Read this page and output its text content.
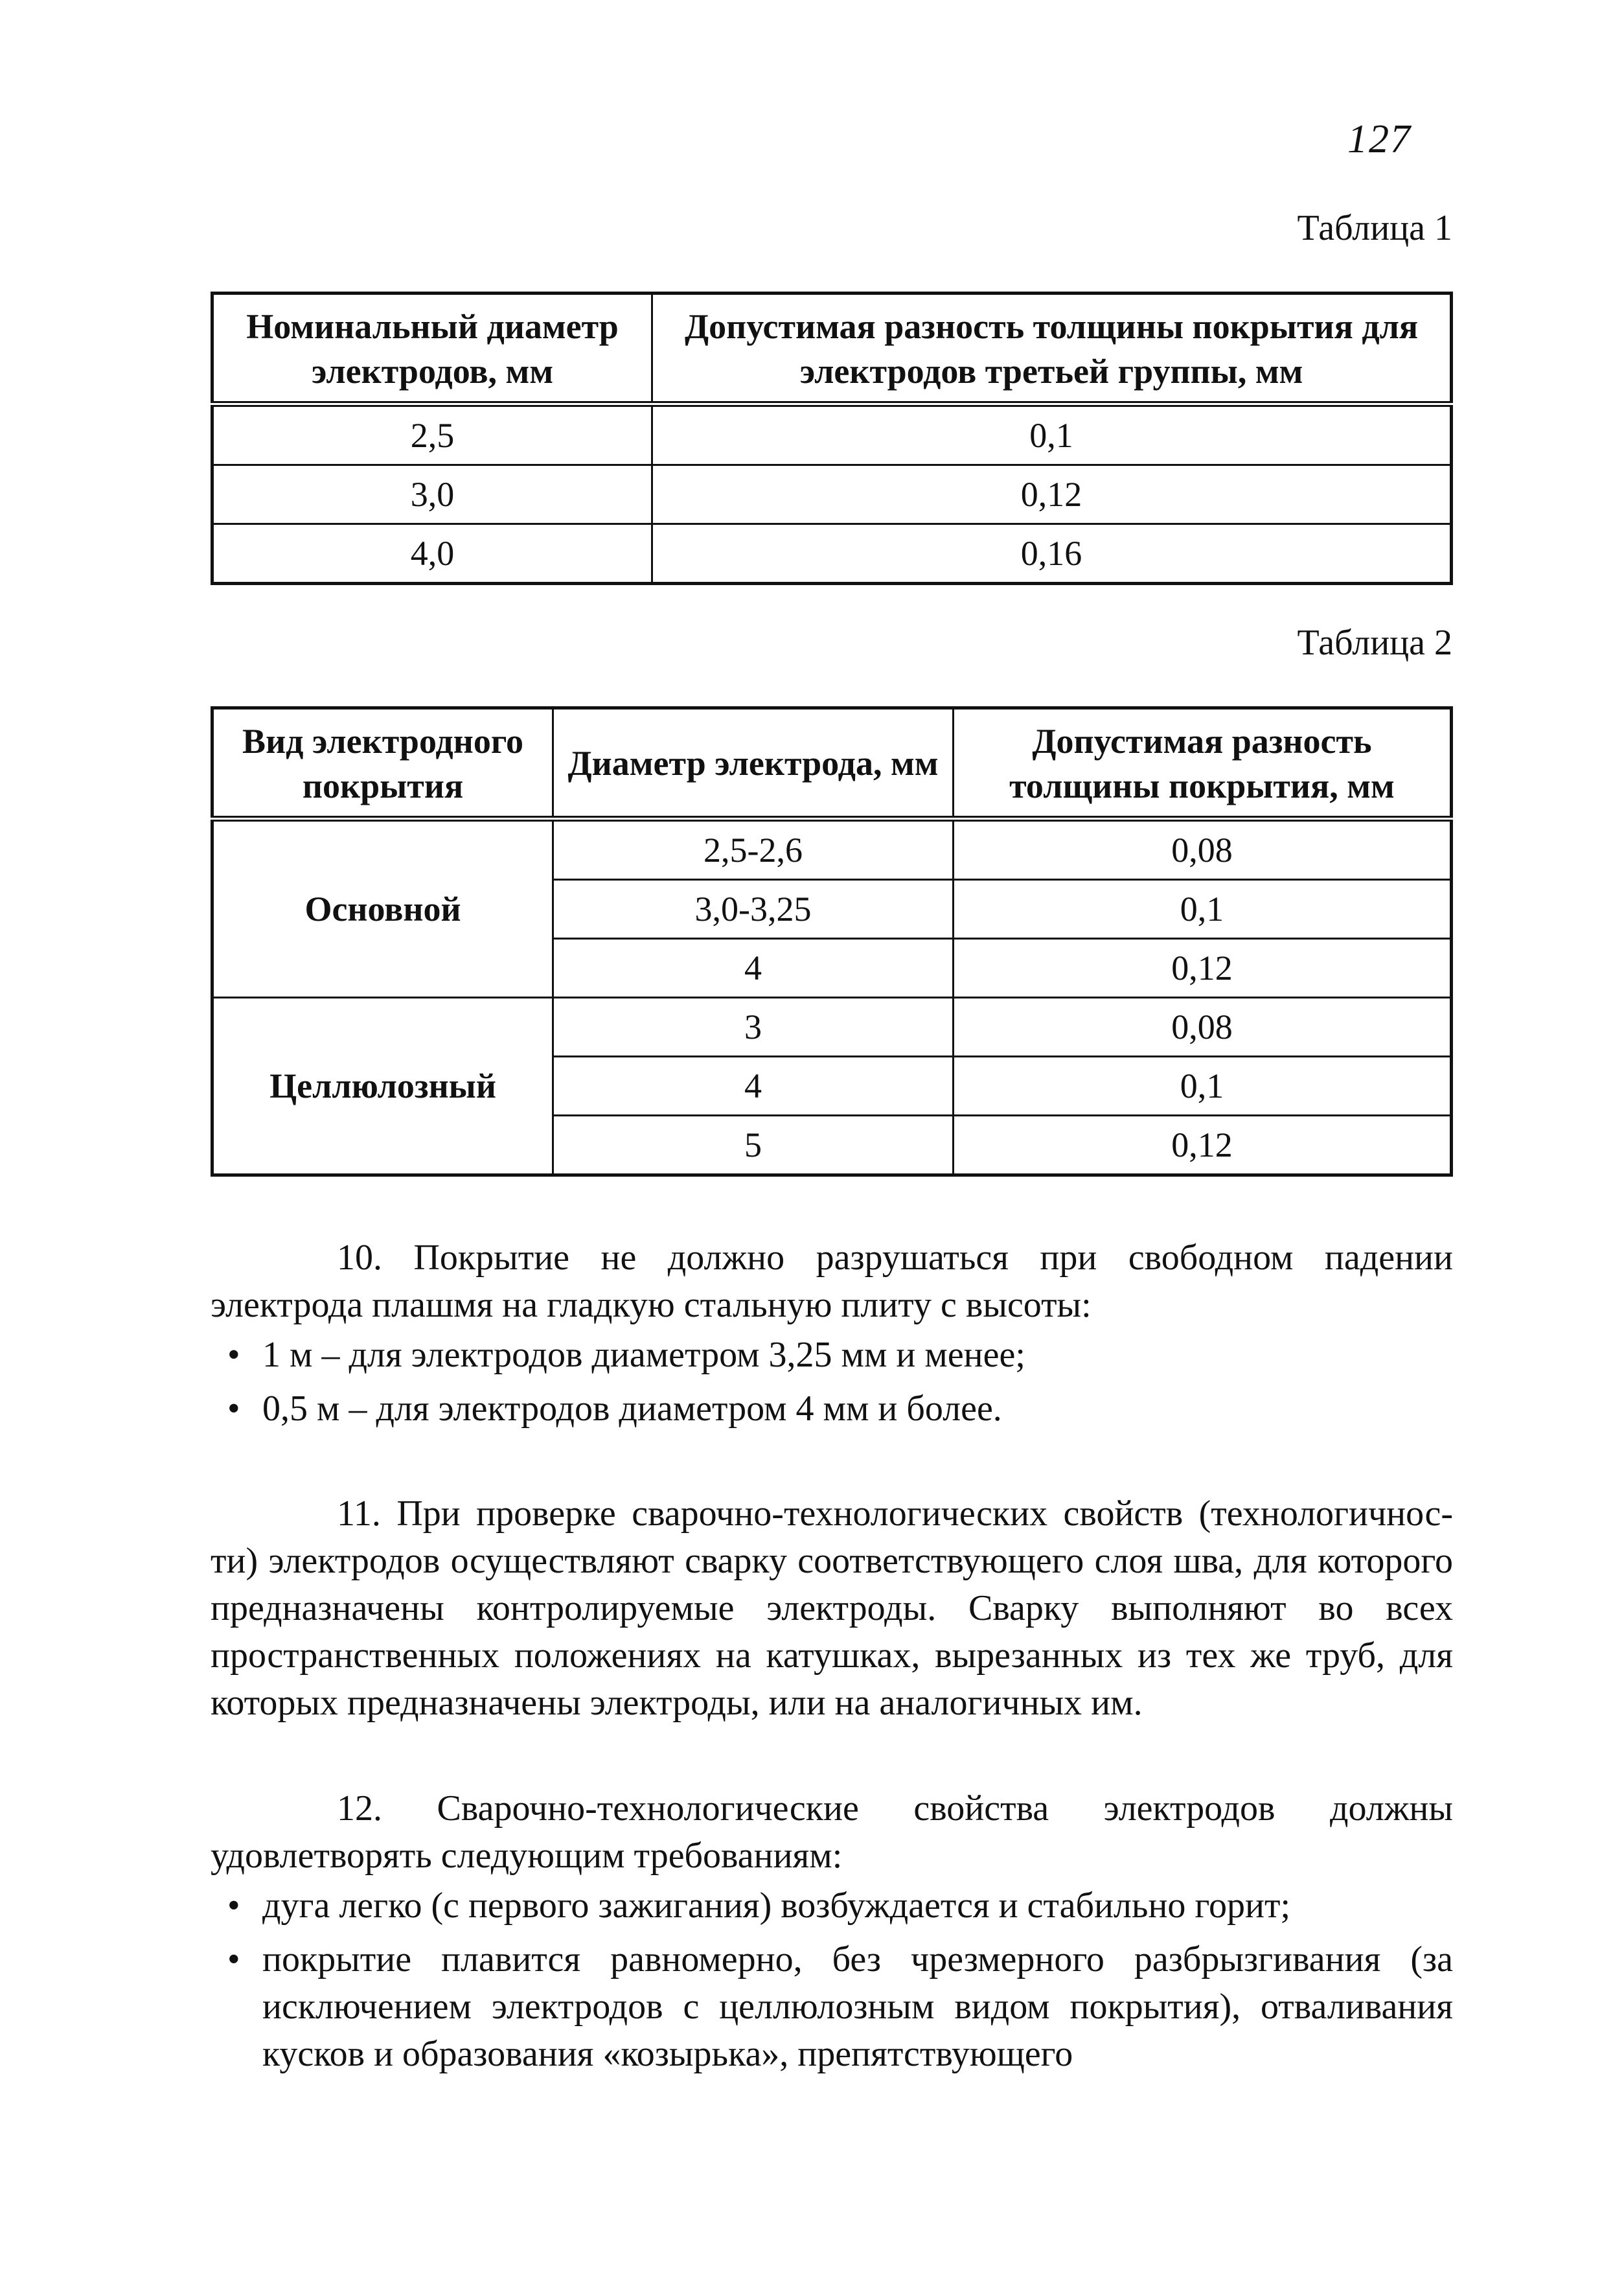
127
Таблица 1
Номинальный диаметр электродов, мм	Допустимая разность толщины покрытия для электродов третьей группы, мм
2,5	0,1
3,0	0,12
4,0	0,16
Таблица 2
Вид электродного покрытия	Диаметр электрода, мм	Допустимая разность толщины покрытия, мм
Основной	2,5-2,6	0,08
	3,0-3,25	0,1
	4	0,12
Целлюлозный	3	0,08
	4	0,1
	5	0,12

10. Покрытие не должно разрушаться при свободном падении электрода плашмя на гладкую стальную плиту с высоты:

• 1 м – для электродов диаметром 3,25 мм и менее;
• 0,5 м – для электродов диаметром 4 мм и более.

11. При проверке сварочно-технологических свойств (технологичнос-ти) электродов осуществляют сварку соответствующего слоя шва, для которого предназначены контролируемые электроды. Сварку выполняют во всех пространственных положениях на катушках, вырезанных из тех же труб, для которых предназначены электроды, или на аналогичных им.

12. Сварочно-технологические свойства электродов должны удовлетворять следующим требованиям:

• дуга легко (с первого зажигания) возбуждается и стабильно горит;
• покрытие плавится равномерно, без чрезмерного разбрызгивания (за исключением электродов с целлюлозным видом покрытия), отваливания кусков и образования «козырька», препятствующего
